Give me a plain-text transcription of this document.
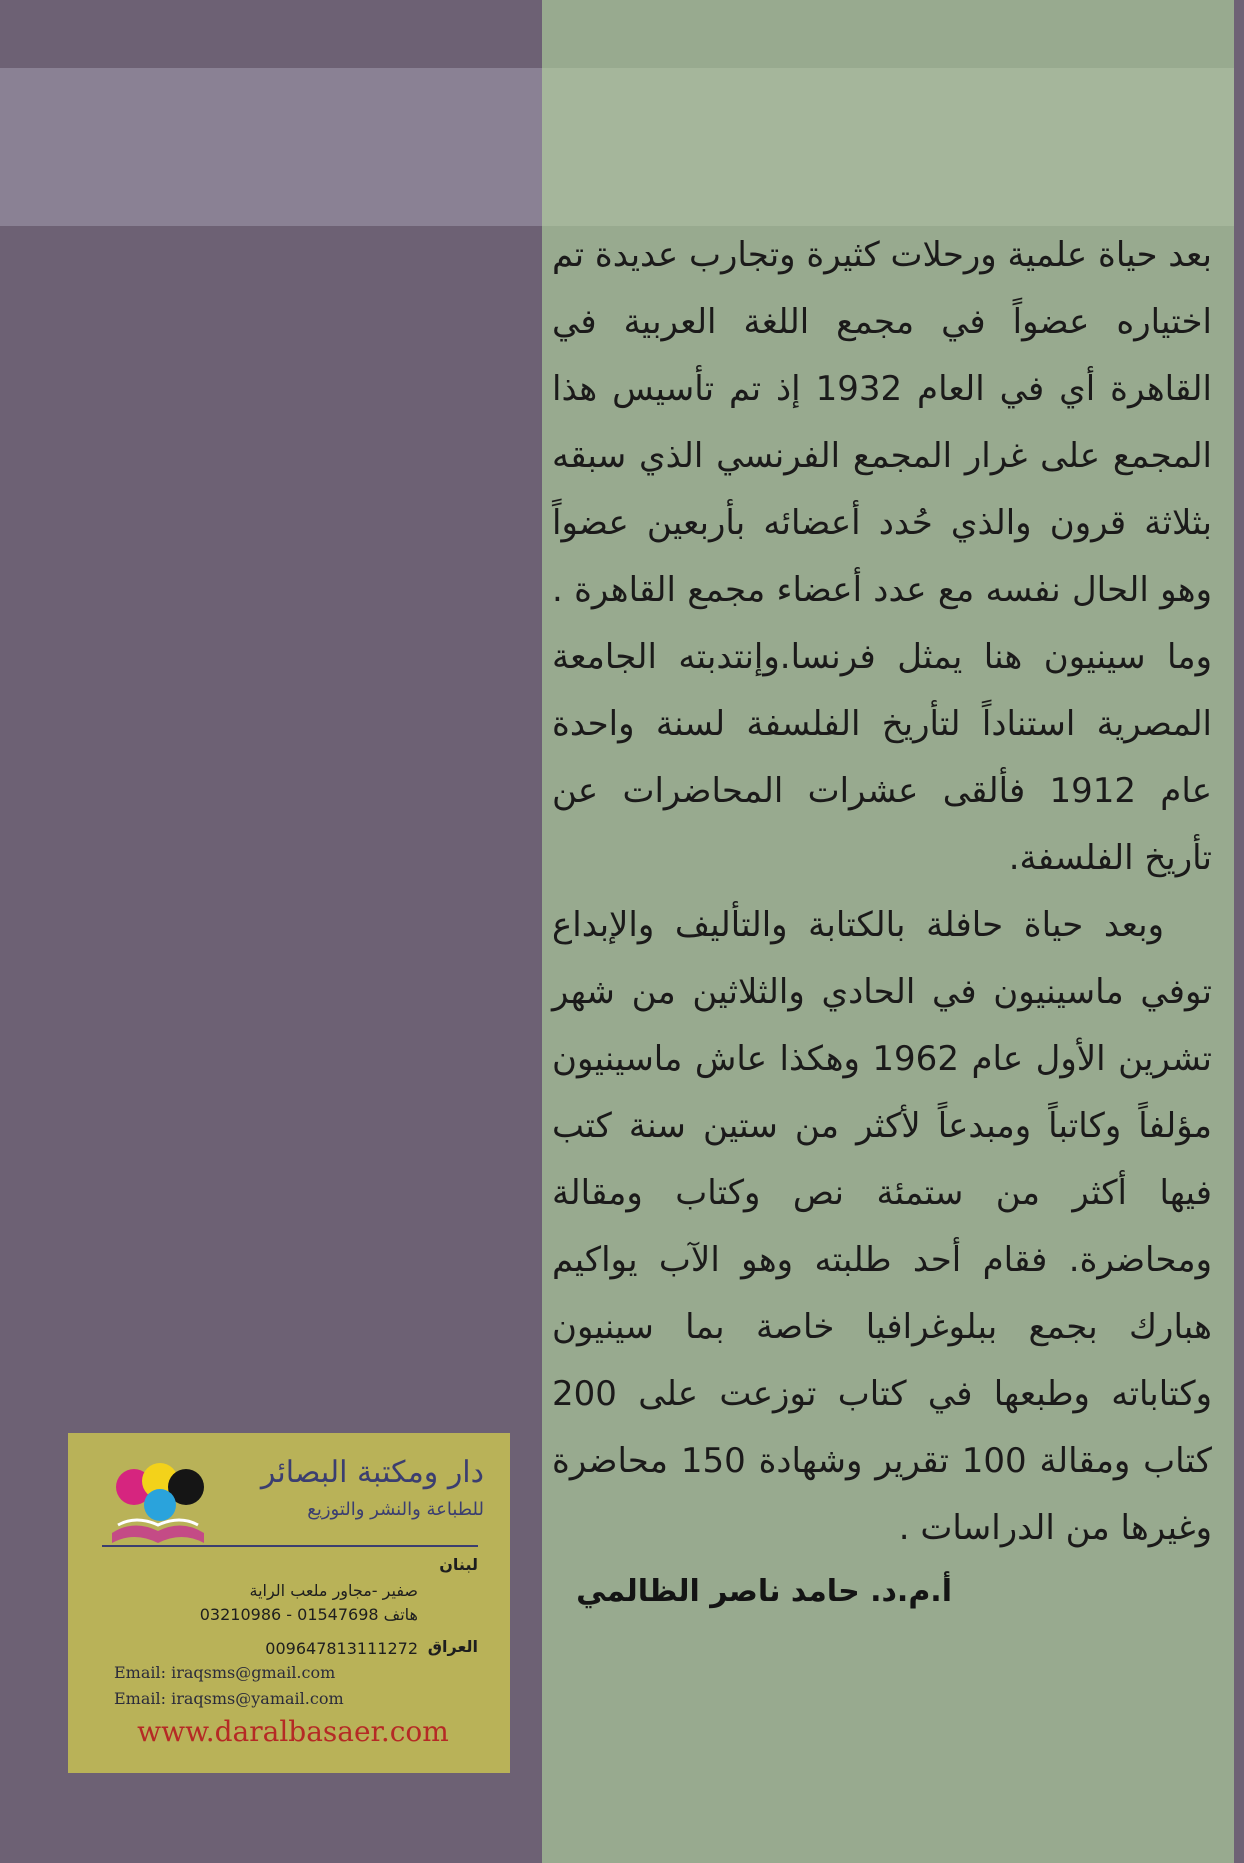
بعد حياة علمية ورحلات كثيرة وتجارب عديدة تم اختياره عضواً في مجمع اللغة العربية في القاهرة أي في العام 1932 إذ تم تأسيس هذا المجمع على غرار المجمع الفرنسي الذي سبقه بثلاثة قرون والذي حُدد أعضائه بأربعين عضواً وهو الحال نفسه مع عدد أعضاء مجمع القاهرة . وما سينيون هنا يمثل فرنسا.وإنتدبته الجامعة المصرية استناداً لتأريخ الفلسفة لسنة واحدة عام 1912 فألقى عشرات المحاضرات عن تأريخ الفلسفة.

وبعد حياة حافلة بالكتابة والتأليف والإبداع توفي ماسينيون في الحادي والثلاثين من شهر تشرين الأول عام 1962 وهكذا عاش ماسينيون مؤلفاً وكاتباً ومبدعاً لأكثر من ستين سنة كتب فيها أكثر من ستمئة نص وكتاب ومقالة ومحاضرة. فقام أحد طلبته وهو الآب يواكيم هبارك بجمع ببلوغرافيا خاصة بما سينيون وكتاباته وطبعها في كتاب توزعت على 200 كتاب ومقالة 100 تقرير وشهادة 150 محاضرة وغيرها من الدراسات .

أ.م.د. حامد ناصر الظالمي
دار ومكتبة البصائر
للطباعة والنشر والتوزيع
لبنان
صفير -مجاور ملعب الراية
هاتف 01547698 - 03210986
العراق
009647813111272
Email: iraqsms@gmail.com
Email: iraqsms@yamail.com
www.daralbasaer.com
